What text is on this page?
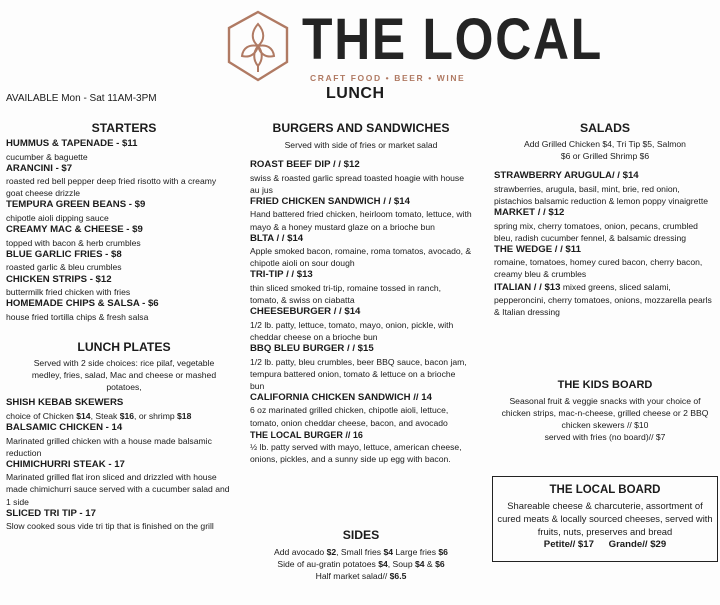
THE LOCAL
CRAFT FOOD • BEER • WINE
LUNCH
AVAILABLE Mon - Sat 11AM-3PM
STARTERS
HUMMUS & TAPENADE - $11
cucumber & baguette
ARANCINI - $7
roasted red bell pepper deep fried risotto with a creamy goat cheese drizzle
TEMPURA GREEN BEANS - $9
chipotle aioli dipping sauce
CREAMY MAC & CHEESE - $9
topped with bacon & herb crumbles
BLUE GARLIC FRIES - $8
roasted garlic & bleu crumbles
CHICKEN STRIPS - $12
buttermilk fried chicken with fries
HOMEMADE CHIPS & SALSA - $6
house fried tortilla chips & fresh salsa
LUNCH PLATES
Served with 2 side choices: rice pilaf, vegetable medley, fries, salad, Mac and cheese or mashed potatoes,
SHISH KEBAB SKEWERS
choice of Chicken $14, Steak $16, or shrimp $18
BALSAMIC CHICKEN - 14
Marinated grilled chicken with a house made balsamic reduction
CHIMICHURRI STEAK - 17
Marinated grilled flat iron sliced and drizzled with house made chimichurri sauce served with a cucumber salad and 1 side
SLICED TRI TIP - 17
Slow cooked sous vide tri tip that is finished on the grill
BURGERS AND SANDWICHES
Served with side of fries or market salad
ROAST BEEF DIP / / $12
swiss & roasted garlic spread toasted hoagie with house au jus
FRIED CHICKEN SANDWICH / / $14
Hand battered fried chicken, heirloom tomato, lettuce, with mayo & a honey mustard glaze on a brioche bun
BLTA / / $14
Apple smoked bacon, romaine, roma tomatos, avocado, & chipotle aioli on sour dough
TRI-TIP / / $13
thin sliced smoked tri-tip, romaine tossed in ranch, tomato, & swiss on ciabatta
CHEESEBURGER / / $14
1/2 lb. patty, lettuce, tomato, mayo, onion, pickle, with cheddar cheese on a brioche bun
BBQ BLEU BURGER / / $15
1/2 lb. patty, bleu crumbles, beer BBQ sauce, bacon jam, tempura battered onion, tomato & lettuce on a brioche bun
CALIFORNIA CHICKEN SANDWICH // 14
6 oz marinated grilled chicken, chipotle aioli, lettuce, tomato, onion cheddar cheese, bacon, and avocado
THE LOCAL BURGER // 16
½ lb. patty served with mayo, lettuce, american cheese, onions, pickles, and a sunny side up egg with bacon.
SIDES
Add avocado $2, Small fries $4 Large fries $6
Side of au-gratin potatoes $4, Soup $4 & $6
Half market salad// $6.5
SALADS
Add Grilled Chicken $4, Tri Tip $5, Salmon $6 or Grilled Shrimp $6
STRAWBERRY ARUGULA/ / $14
strawberries, arugula, basil, mint, brie, red onion, pistachios balsamic reduction & lemon poppy vinaigrette
MARKET / / $12
spring mix, cherry tomatoes, onion, pecans, crumbled bleu, radish cucumber fennel, & balsamic dressing
THE WEDGE / / $11
romaine, tomatoes, homey cured bacon, cherry bacon, creamy bleu & crumbles
ITALIAN / / $13 mixed greens, sliced salami, pepperoncini, cherry tomatoes, onions, mozzarella pearls & Italian dressing
THE KIDS BOARD
Seasonal fruit & veggie snacks with your choice of chicken strips, mac-n-cheese, grilled cheese or 2 BBQ chicken skewers // $10
served with fries (no board)// $7
THE LOCAL BOARD
Shareable cheese & charcuterie, assortment of cured meats & locally sourced cheeses, served with fruits, nuts, preserves and bread
Petite// $17 Grande// $29
